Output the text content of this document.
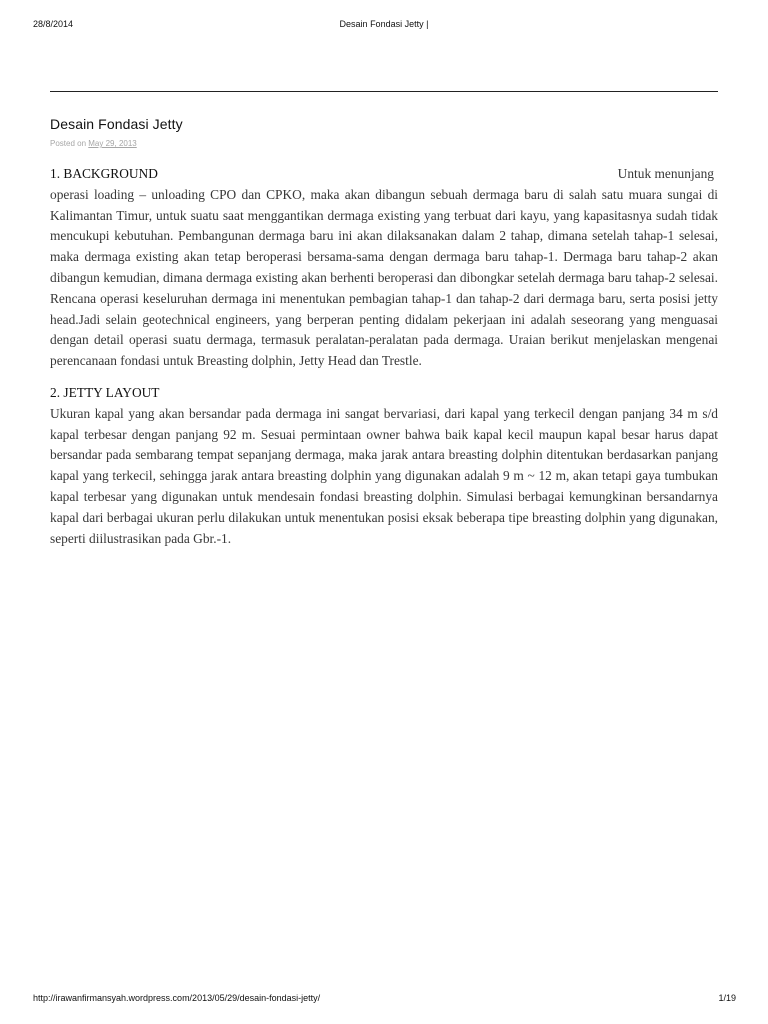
28/8/2014	Desain Fondasi Jetty |
Desain Fondasi Jetty
Posted on May 29, 2013
1. BACKGROUND	Untuk menunjang

operasi loading – unloading CPO dan CPKO, maka akan dibangun sebuah dermaga baru di salah satu muara sungai di Kalimantan Timur, untuk suatu saat menggantikan dermaga existing yang terbuat dari kayu, yang kapasitasnya sudah tidak mencukupi kebutuhan. Pembangunan dermaga baru ini akan dilaksanakan dalam 2 tahap, dimana setelah tahap-1 selesai, maka dermaga existing akan tetap beroperasi bersama-sama dengan dermaga baru tahap-1. Dermaga baru tahap-2 akan dibangun kemudian, dimana dermaga existing akan berhenti beroperasi dan dibongkar setelah dermaga baru tahap-2 selesai. Rencana operasi keseluruhan dermaga ini menentukan pembagian tahap-1 dan tahap-2 dari dermaga baru, serta posisi jetty head.Jadi selain geotechnical engineers, yang berperan penting didalam pekerjaan ini adalah seseorang yang menguasai dengan detail operasi suatu dermaga, termasuk peralatan-peralatan pada dermaga. Uraian berikut menjelaskan mengenai perencanaan fondasi untuk Breasting dolphin, Jetty Head dan Trestle.

2. JETTY LAYOUT

Ukuran kapal yang akan bersandar pada dermaga ini sangat bervariasi, dari kapal yang terkecil dengan panjang 34 m s/d kapal terbesar dengan panjang 92 m. Sesuai permintaan owner bahwa baik kapal kecil maupun kapal besar harus dapat bersandar pada sembarang tempat sepanjang dermaga, maka jarak antara breasting dolphin ditentukan berdasarkan panjang kapal yang terkecil, sehingga jarak antara breasting dolphin yang digunakan adalah 9 m ~ 12 m, akan tetapi gaya tumbukan kapal terbesar yang digunakan untuk mendesain fondasi breasting dolphin. Simulasi berbagai kemungkinan bersandarnya kapal dari berbagai ukuran perlu dilakukan untuk menentukan posisi eksak beberapa tipe breasting dolphin yang digunakan, seperti diilustrasikan pada Gbr.-1.

http://irawanfirmansyah.wordpress.com/2013/05/29/desain-fondasi-jetty/	1/19
